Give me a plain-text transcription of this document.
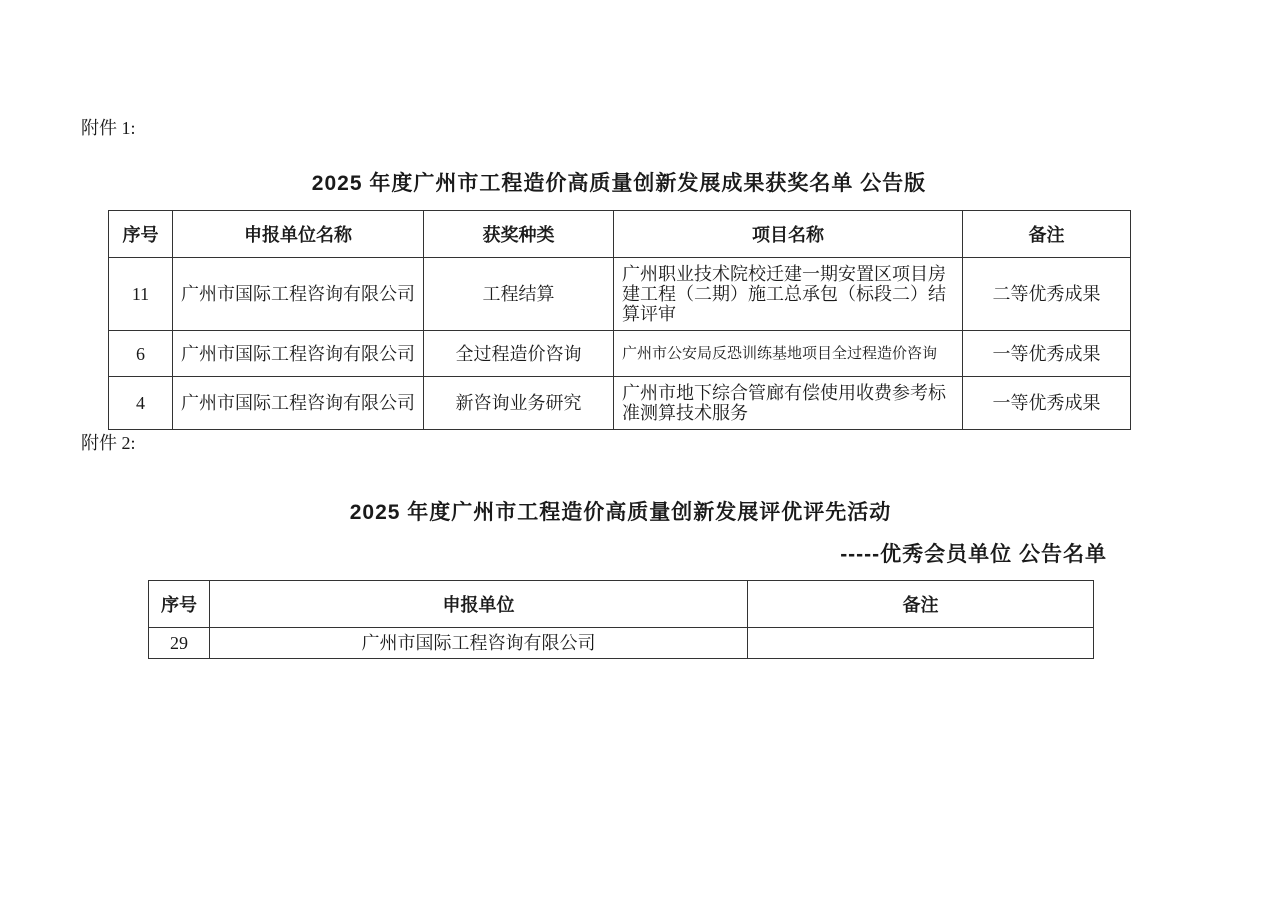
附件 1:
2025 年度广州市工程造价高质量创新发展成果获奖名单 公告版
序号	申报单位名称	获奖种类	项目名称	备注
11	广州市国际工程咨询有限公司	工程结算	广州职业技术院校迁建一期安置区项目房建工程（二期）施工总承包（标段二）结算评审	二等优秀成果
6	广州市国际工程咨询有限公司	全过程造价咨询	广州市公安局反恐训练基地项目全过程造价咨询	一等优秀成果
4	广州市国际工程咨询有限公司	新咨询业务研究	广州市地下综合管廊有偿使用收费参考标准测算技术服务	一等优秀成果
附件 2:
2025 年度广州市工程造价高质量创新发展评优评先活动
-----优秀会员单位 公告名单
序号	申报单位	备注
29	广州市国际工程咨询有限公司	
